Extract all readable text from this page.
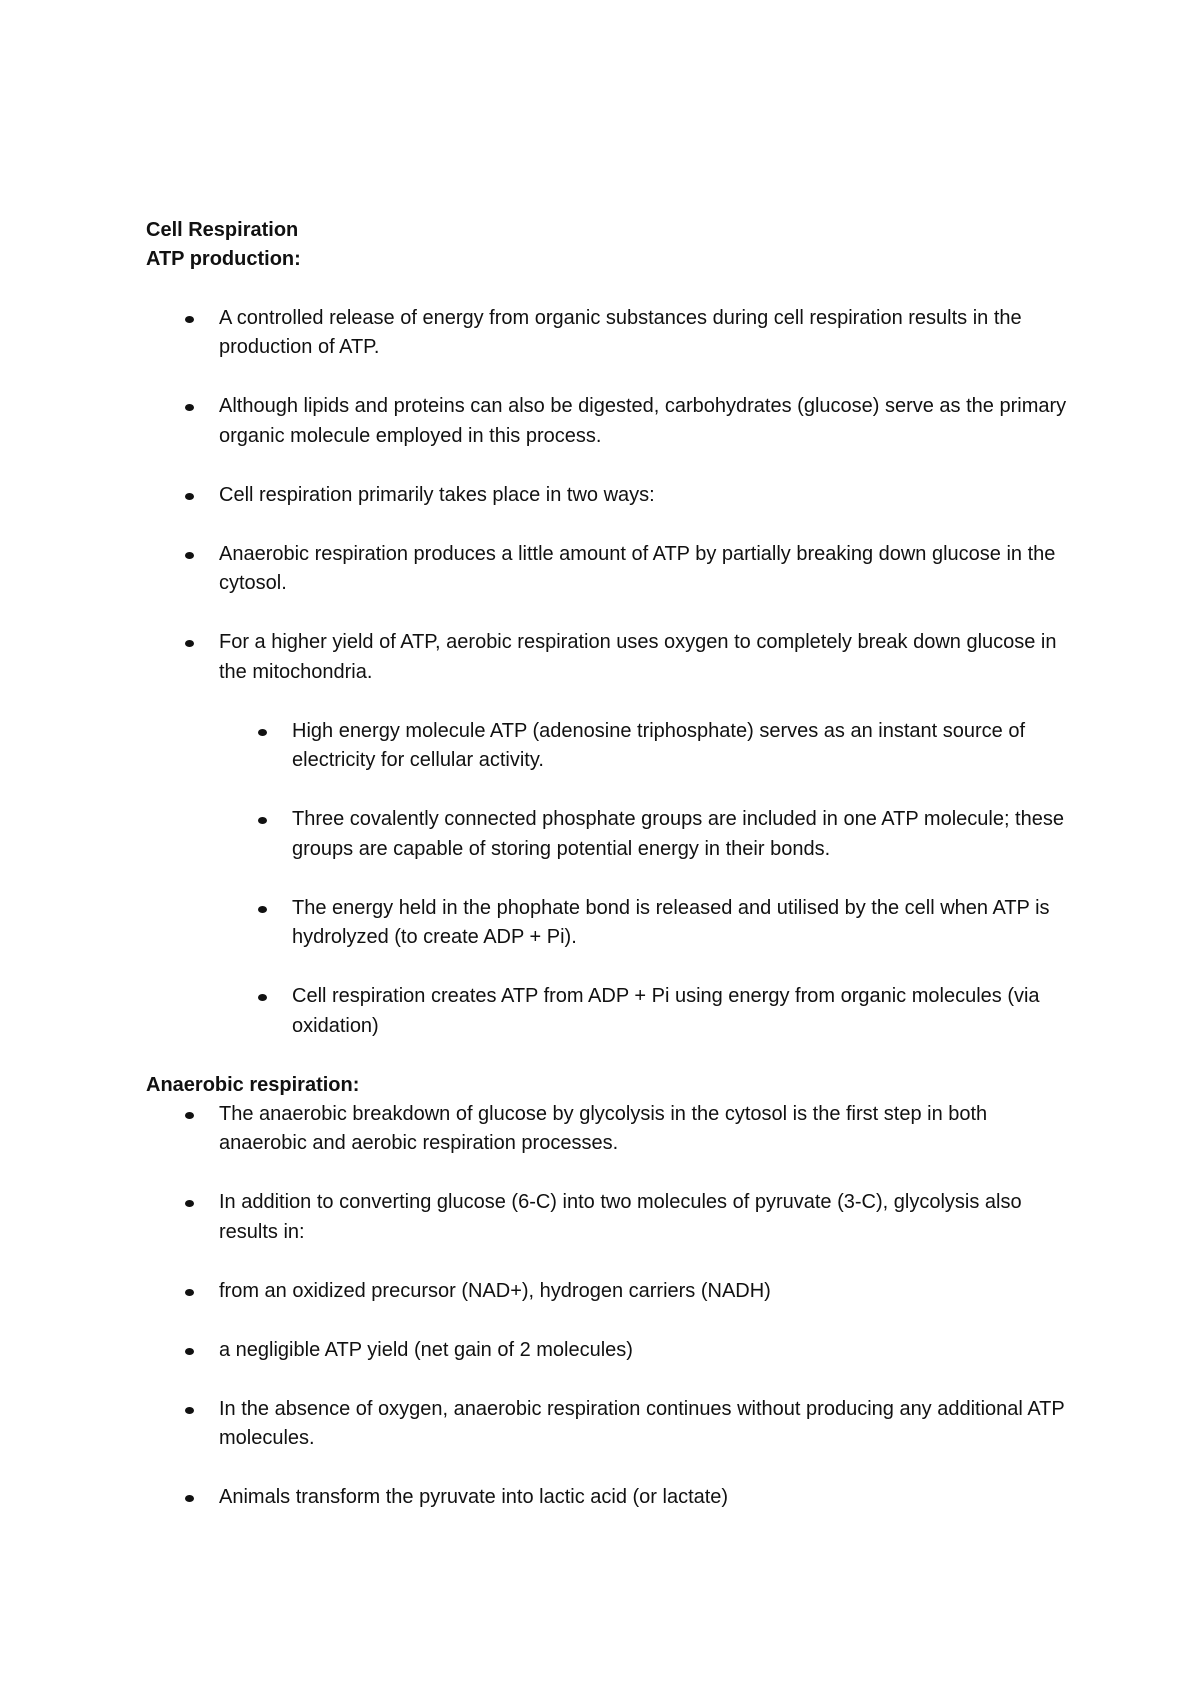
Cell Respiration

ATP production:

A controlled release of energy from organic substances during cell respiration results in the production of ATP.
Although lipids and proteins can also be digested, carbohydrates (glucose) serve as the primary organic molecule employed in this process.
Cell respiration primarily takes place in two ways:
Anaerobic respiration produces a little amount of ATP by partially breaking down glucose in the cytosol.
For a higher yield of ATP, aerobic respiration uses oxygen to completely break down glucose in the mitochondria.
High energy molecule ATP (adenosine triphosphate) serves as an instant source of electricity for cellular activity.
Three covalently connected phosphate groups are included in one ATP molecule; these groups are capable of storing potential energy in their bonds.
The energy held in the phophate bond is released and utilised by the cell when ATP is hydrolyzed (to create ADP + Pi).
Cell respiration creates ATP from ADP + Pi using energy from organic molecules (via oxidation)

Anaerobic respiration:

The anaerobic breakdown of glucose by glycolysis in the cytosol is the first step in both anaerobic and aerobic respiration processes.
In addition to converting glucose (6-C) into two molecules of pyruvate (3-C), glycolysis also results in:
from an oxidized precursor (NAD+), hydrogen carriers (NADH)
a negligible ATP yield (net gain of 2 molecules)
In the absence of oxygen, anaerobic respiration continues without producing any additional ATP molecules.
Animals transform the pyruvate into lactic acid (or lactate)
